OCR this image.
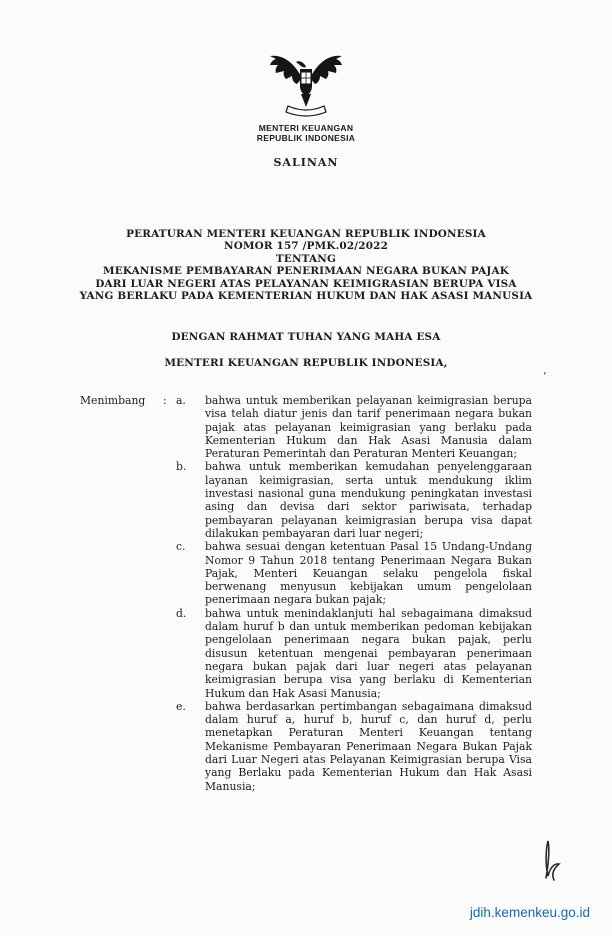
MENTERI KEUANGAN
REPUBLIK INDONESIA
SALINAN
PERATURAN MENTERI KEUANGAN REPUBLIK INDONESIA
NOMOR 157 /PMK.02/2022
TENTANG
MEKANISME PEMBAYARAN PENERIMAAN NEGARA BUKAN PAJAK
DARI LUAR NEGERI ATAS PELAYANAN KEIMIGRASIAN BERUPA VISA
YANG BERLAKU PADA KEMENTERIAN HUKUM DAN HAK ASASI MANUSIA
DENGAN RAHMAT TUHAN YANG MAHA ESA
MENTERI KEUANGAN REPUBLIK INDONESIA,
Menimbang	: a.	bahwa untuk memberikan pelayanan keimigrasian berupa visa telah diatur jenis dan tarif penerimaan negara bukan pajak atas pelayanan keimigrasian yang berlaku pada Kementerian Hukum dan Hak Asasi Manusia dalam Peraturan Pemerintah dan Peraturan Menteri Keuangan;
b.	bahwa untuk memberikan kemudahan penyelenggaraan layanan keimigrasian, serta untuk mendukung iklim investasi nasional guna mendukung peningkatan investasi asing dan devisa dari sektor pariwisata, terhadap pembayaran pelayanan keimigrasian berupa visa dapat dilakukan pembayaran dari luar negeri;
c.	bahwa sesuai dengan ketentuan Pasal 15 Undang-Undang Nomor 9 Tahun 2018 tentang Penerimaan Negara Bukan Pajak, Menteri Keuangan selaku pengelola fiskal berwenang menyusun kebijakan umum pengelolaan penerimaan negara bukan pajak;
d.	bahwa untuk menindaklanjuti hal sebagaimana dimaksud dalam huruf b dan untuk memberikan pedoman kebijakan pengelolaan penerimaan negara bukan pajak, perlu disusun ketentuan mengenai pembayaran penerimaan negara bukan pajak dari luar negeri atas pelayanan keimigrasian berupa visa yang berlaku di Kementerian Hukum dan Hak Asasi Manusia;
e.	bahwa berdasarkan pertimbangan sebagaimana dimaksud dalam huruf a, huruf b, huruf c, dan huruf d, perlu menetapkan Peraturan Menteri Keuangan tentang Mekanisme Pembayaran Penerimaan Negara Bukan Pajak dari Luar Negeri atas Pelayanan Keimigrasian berupa Visa yang Berlaku pada Kementerian Hukum dan Hak Asasi Manusia;
’
jdih.kemenkeu.go.id
